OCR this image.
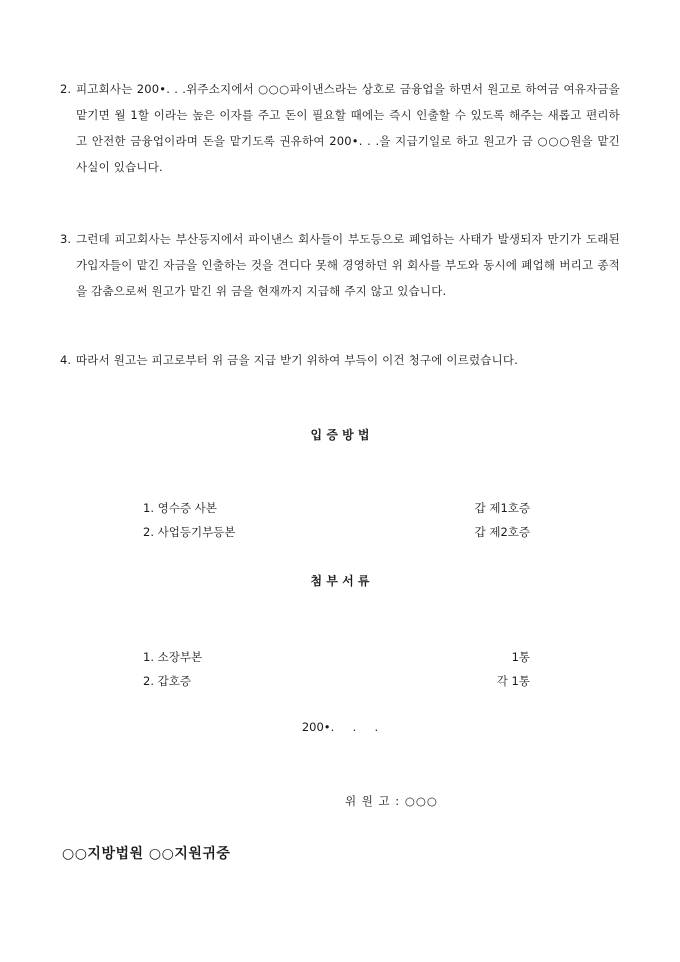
2. 피고회사는 200•. . .위주소지에서 ○○○파이낸스라는 상호로 금융업을 하면서 원고로 하여금 여유자금을 맡기면 월 1할 이라는 높은 이자를 주고 돈이 필요할 때에는 즉시 인출할 수 있도록 해주는 새롭고 편리하고 안전한 금융업이라며 돈을 맡기도록 권유하여 200•. . .을 지급기일로 하고 원고가 금 ○○○원을 맡긴 사실이 있습니다.
3. 그런데 피고회사는 부산등지에서 파이낸스 회사들이 부도등으로 폐업하는 사태가 발생되자 만기가 도래된 가입자들이 맡긴 자금을 인출하는 것을 견디다 못해 경영하던 위 회사를 부도와 동시에 폐업해 버리고 종적을 감춤으로써 원고가 맡긴 위 금을 현재까지 지급해 주지 않고 있습니다.
4. 따라서 원고는 피고로부터 위 금을 지급 받기 위하여 부득이 이건 청구에 이르렀습니다.
입 증 방 법
1. 영수증 사본	갑 제1호증
2. 사업등기부등본	갑 제2호증
첨 부 서 류
1. 소장부본	1통
2. 갑호증	각 1통
200•.     .     .
위 원 고 : ○○○
○○지방법원 ○○지원귀중
